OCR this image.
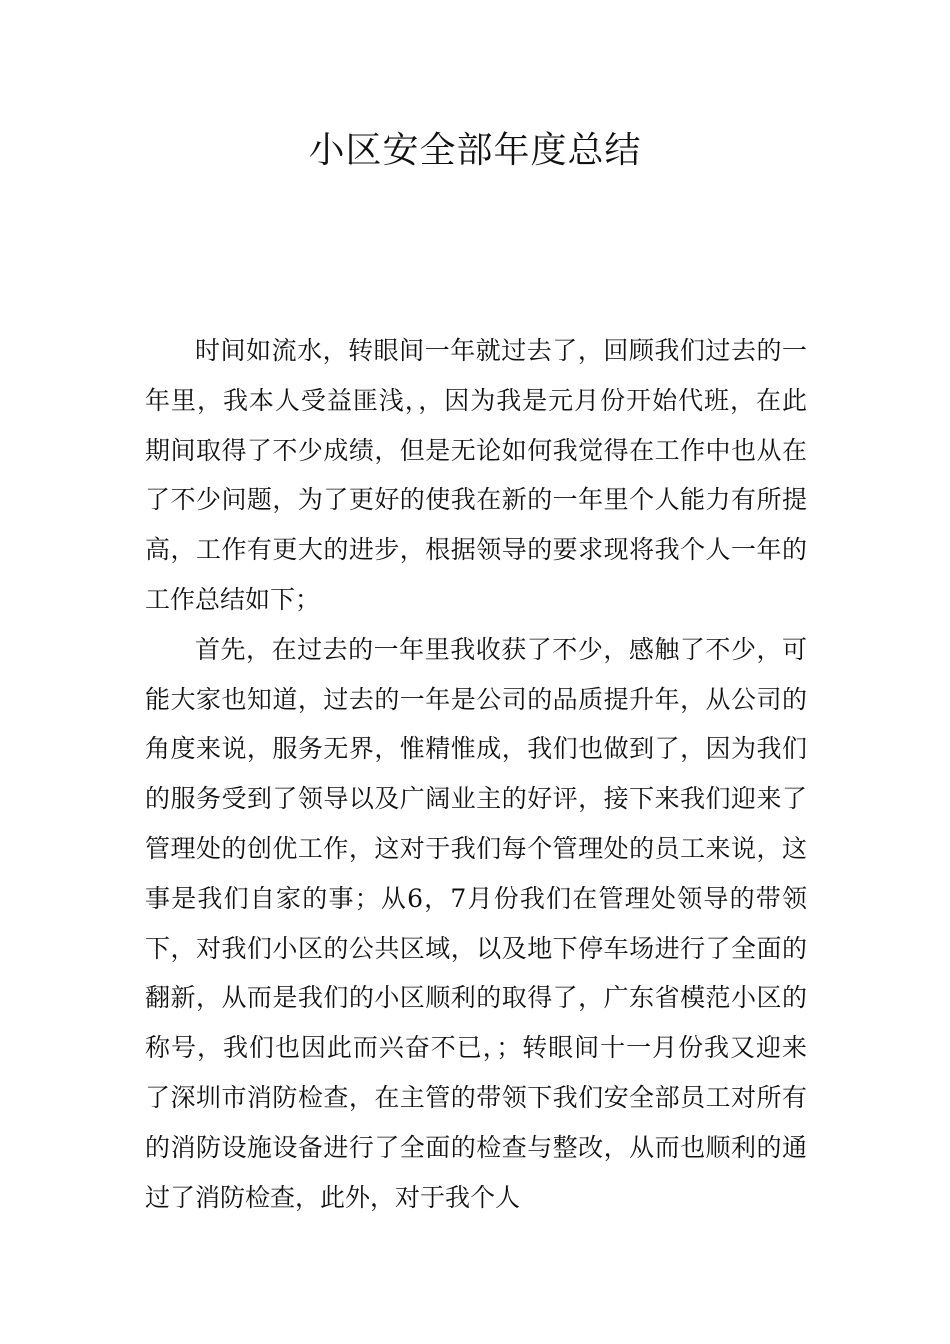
小区安全部年度总结

时间如流水，转眼间一年就过去了，回顾我们过去的一年里，我本人受益匪浅，，因为我是元月份开始代班，在此期间取得了不少成绩，但是无论如何我觉得在工作中也从在了不少问题，为了更好的使我在新的一年里个人能力有所提高，工作有更大的进步，根据领导的要求现将我个人一年的工作总结如下；

首先，在过去的一年里我收获了不少，感触了不少，可能大家也知道，过去的一年是公司的品质提升年，从公司的角度来说，服务无界，惟精惟成，我们也做到了，因为我们的服务受到了领导以及广阔业主的好评，接下来我们迎来了管理处的创优工作，这对于我们每个管理处的员工来说，这事是我们自家的事；从6，7月份我们在管理处领导的带领下，对我们小区的公共区域，以及地下停车场进行了全面的翻新，从而是我们的小区顺利的取得了，广东省模范小区的称号，我们也因此而兴奋不已，；转眼间十一月份我又迎来了深圳市消防检查，在主管的带领下我们安全部员工对所有的消防设施设备进行了全面的检查与整改，从而也顺利的通过了消防检查，此外，对于我个人
